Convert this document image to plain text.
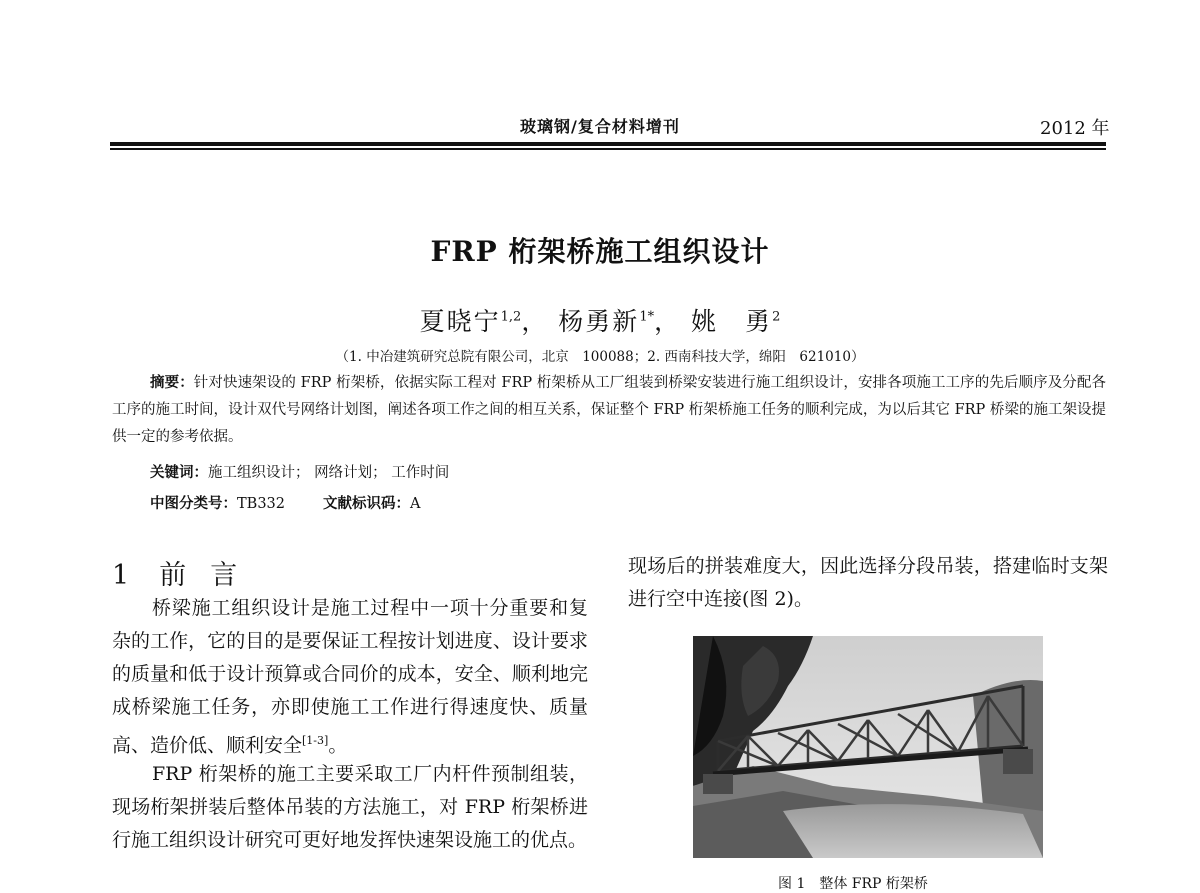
玻璃钢/复合材料增刊	2012 年
FRP 桁架桥施工组织设计
夏晓宁$^{1,2}$， 杨勇新$^{1*}$， 姚　勇$^2$
（1. 中冶建筑研究总院有限公司，北京　100088；2. 西南科技大学，绵阳　621010）
摘要：针对快速架设的 FRP 桁架桥，依据实际工程对 FRP 桁架桥从工厂组装到桥梁安装进行施工组织设计，安排各项施工工序的先后顺序及分配各工序的施工时间，设计双代号网络计划图，阐述各项工作之间的相互关系，保证整个 FRP 桁架桥施工任务的顺利完成，为以后其它 FRP 桥梁的施工架设提供一定的参考依据。
关键词：施工组织设计； 网络计划； 工作时间
中图分类号：TB332	文献标识码：A
1 前 言
桥梁施工组织设计是施工过程中一项十分重要和复杂的工作，它的目的是要保证工程按计划进度、设计要求的质量和低于设计预算或合同价的成本，安全、顺利地完成桥梁施工任务，亦即使施工工作进行得速度快、质量高、造价低、顺利安全[1-3]。
FRP 桁架桥的施工主要采取工厂内杆件预制组装，现场桁架拼装后整体吊装的方法施工，对 FRP 桁架桥进行施工组织设计研究可更好地发挥快速架设施工的优点。
现场后的拼装难度大，因此选择分段吊装，搭建临时支架进行空中连接(图 2)。
图 1　整体 FRP 桁架桥
